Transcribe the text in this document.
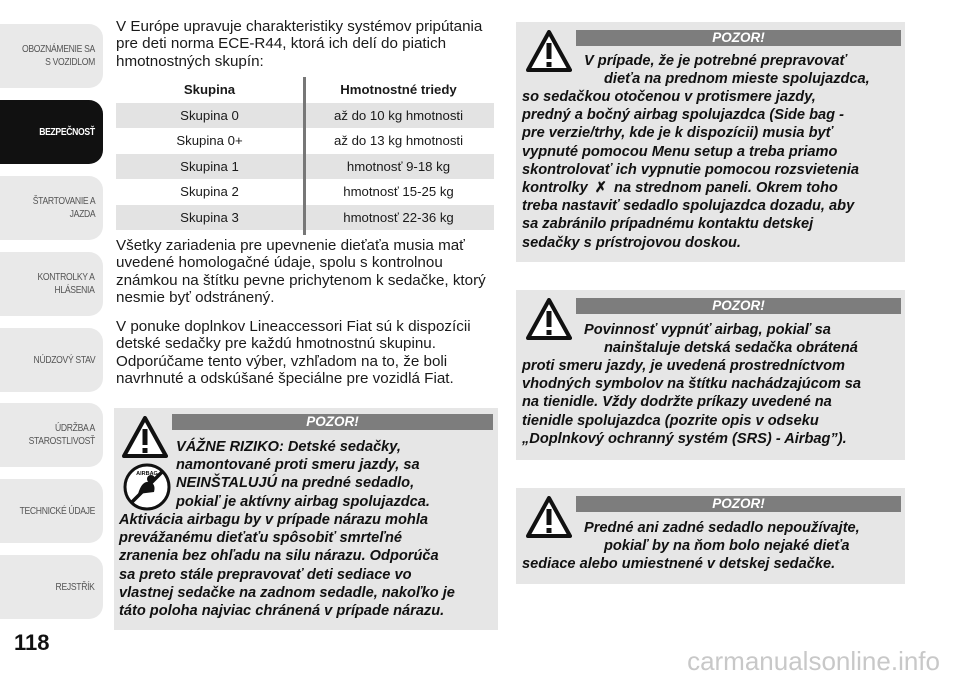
OBOZNÁMENIE SA
S VOZIDLOM
BEZPEČNOSŤ
ŠTARTOVANIE A
JAZDA
KONTROLKY A
HLÁSENIA
NÚDZOVÝ STAV
ÚDRŽBA A
STAROSTLIVOSŤ
TECHNICKÉ ÚDAJE
REJSTŘÍK
118
V Európe upravuje charakteristiky systémov pripútania pre deti norma ECE-R44, ktorá ich delí do piatich hmotnostných skupín:
Skupina	Hmotnostné triedy
Skupina 0	až do 10 kg hmotnosti
Skupina 0+	až do 13 kg hmotnosti
Skupina 1	hmotnosť 9-18 kg
Skupina 2	hmotnosť 15-25 kg
Skupina 3	hmotnosť 22-36 kg
Všetky zariadenia pre upevnenie dieťaťa musia mať uvedené homologačné údaje, spolu s kontrolnou známkou na štítku pevne prichytenom k sedačke, ktorý nesmie byť odstránený.
V ponuke doplnkov Lineaccessori Fiat sú k dispozícii detské sedačky pre každú hmotnostnú skupinu. Odporúčame tento výber, vzhľadom na to, že boli navrhnuté a odskúšané špeciálne pre vozidlá Fiat.
POZOR!
AIRBAG

VÁŽNE RIZIKO: Detské sedačky,

namontované proti smeru jazdy, sa

NEINŠTALUJÚ na predné sedadlo,

pokiaľ je aktívny airbag spolujazdca.

Aktivácia airbagu by v prípade nárazu mohla

prevážanému dieťaťu spôsobiť smrteľné

zranenia bez ohľadu na silu nárazu. Odporúča

sa preto stále prepravovať deti sediace vo

vlastnej sedačke na zadnom sedadle, nakoľko je

táto poloha najviac chránená v prípade nárazu.

POZOR!

V prípade, že je potrebné prepravovať

dieťa na prednom mieste spolujazdca,

so sedačkou otočenou v protismere jazdy,

predný a bočný airbag spolujazdca (Side bag -

pre verzie/trhy, kde je k dispozícii) musia byť

vypnuté pomocou Menu setup a treba priamo

skontrolovať ich vypnutie pomocou rozsvietenia

kontrolky ✗ na strednom paneli. Okrem toho

treba nastaviť sedadlo spolujazdca dozadu, aby

sa zabránilo prípadnému kontaktu detskej

sedačky s prístrojovou doskou.

POZOR!

Povinnosť vypnúť airbag, pokiaľ sa

nainštaluje detská sedačka obrátená

proti smeru jazdy, je uvedená prostredníctvom

vhodných symbolov na štítku nachádzajúcom sa

na tienidle. Vždy dodržte príkazy uvedené na

tienidle spolujazdca (pozrite opis v odseku

„Doplnkový ochranný systém (SRS) - Airbag”).

POZOR!

Predné ani zadné sedadlo nepoužívajte,

pokiaľ by na ňom bolo nejaké dieťa

sediace alebo umiestnené v detskej sedačke.

carmanualsonline.info
